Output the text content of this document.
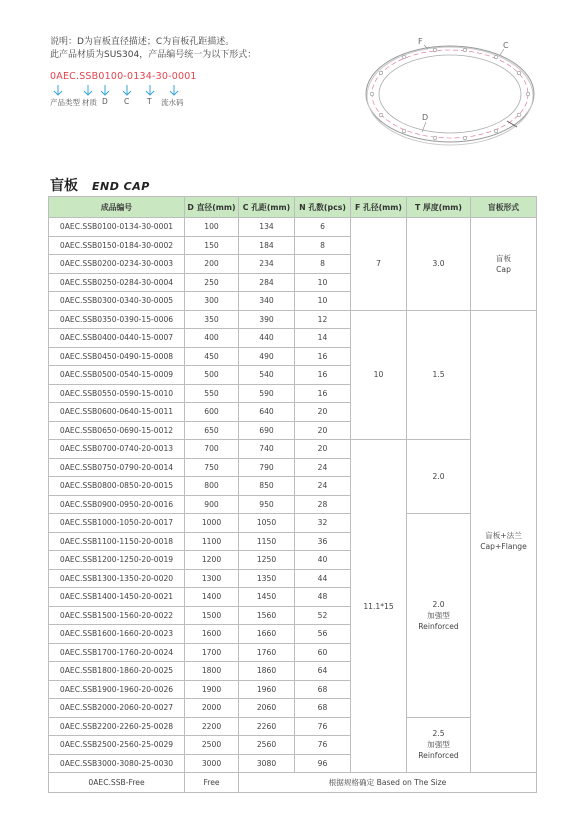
说明：D为盲板直径描述；C为盲板孔距描述。
此产品材质为SUS304，产品编号统一为以下形式：
0AEC.SSB0100-0134-30-0001
产品类型 材质 D C T 流水码
F	C
D
盲板 END CAP
成品编号	D 直径(mm)	C 孔距(mm)	N 孔数(pcs)	F 孔径(mm)	T 厚度(mm)	盲板形式
0AEC.SSB0100-0134-30-0001	100	134	6	7	3.0	盲板
Cap

0AEC.SSB0150-0184-30-0002	150	184	8			
0AEC.SSB0200-0234-30-0003	200	234	8			
0AEC.SSB0250-0284-30-0004	250	284	10			
0AEC.SSB0300-0340-30-0005	300	340	10			
0AEC.SSB0350-0390-15-0006	350	390	12	10	1.5	盲板+法兰
Cap+Flange

0AEC.SSB0400-0440-15-0007	400	440	14			
0AEC.SSB0450-0490-15-0008	450	490	16			
0AEC.SSB0500-0540-15-0009	500	540	16			
0AEC.SSB0550-0590-15-0010	550	590	16			
0AEC.SSB0600-0640-15-0011	600	640	20			
0AEC.SSB0650-0690-15-0012	650	690	20			
0AEC.SSB0700-0740-20-0013	700	740	20	11.1*15	2.0	

0AEC.SSB0750-0790-20-0014	750	790	24			
0AEC.SSB0800-0850-20-0015	800	850	24			
0AEC.SSB0900-0950-20-0016	900	950	28			
0AEC.SSB1000-1050-20-0017	1000	1050	32		2.0
加强型
Reinforced	

0AEC.SSB1100-1150-20-0018	1100	1150	36			
0AEC.SSB1200-1250-20-0019	1200	1250	40			
0AEC.SSB1300-1350-20-0020	1300	1350	44			
0AEC.SSB1400-1450-20-0021	1400	1450	48			
0AEC.SSB1500-1560-20-0022	1500	1560	52			
0AEC.SSB1600-1660-20-0023	1600	1660	56			
0AEC.SSB1700-1760-20-0024	1700	1760	60			
0AEC.SSB1800-1860-20-0025	1800	1860	64			
0AEC.SSB1900-1960-20-0026	1900	1960	68			
0AEC.SSB2000-2060-20-0027	2000	2060	68			
0AEC.SSB2200-2260-25-0028	2200	2260	76		2.5
加强型
Reinforced	

0AEC.SSB2500-2560-25-0029	2500	2560	76			
0AEC.SSB3000-3080-25-0030	3000	3080	96			
0AEC.SSB-Free	Free	根据规格确定 Based on The Size				
